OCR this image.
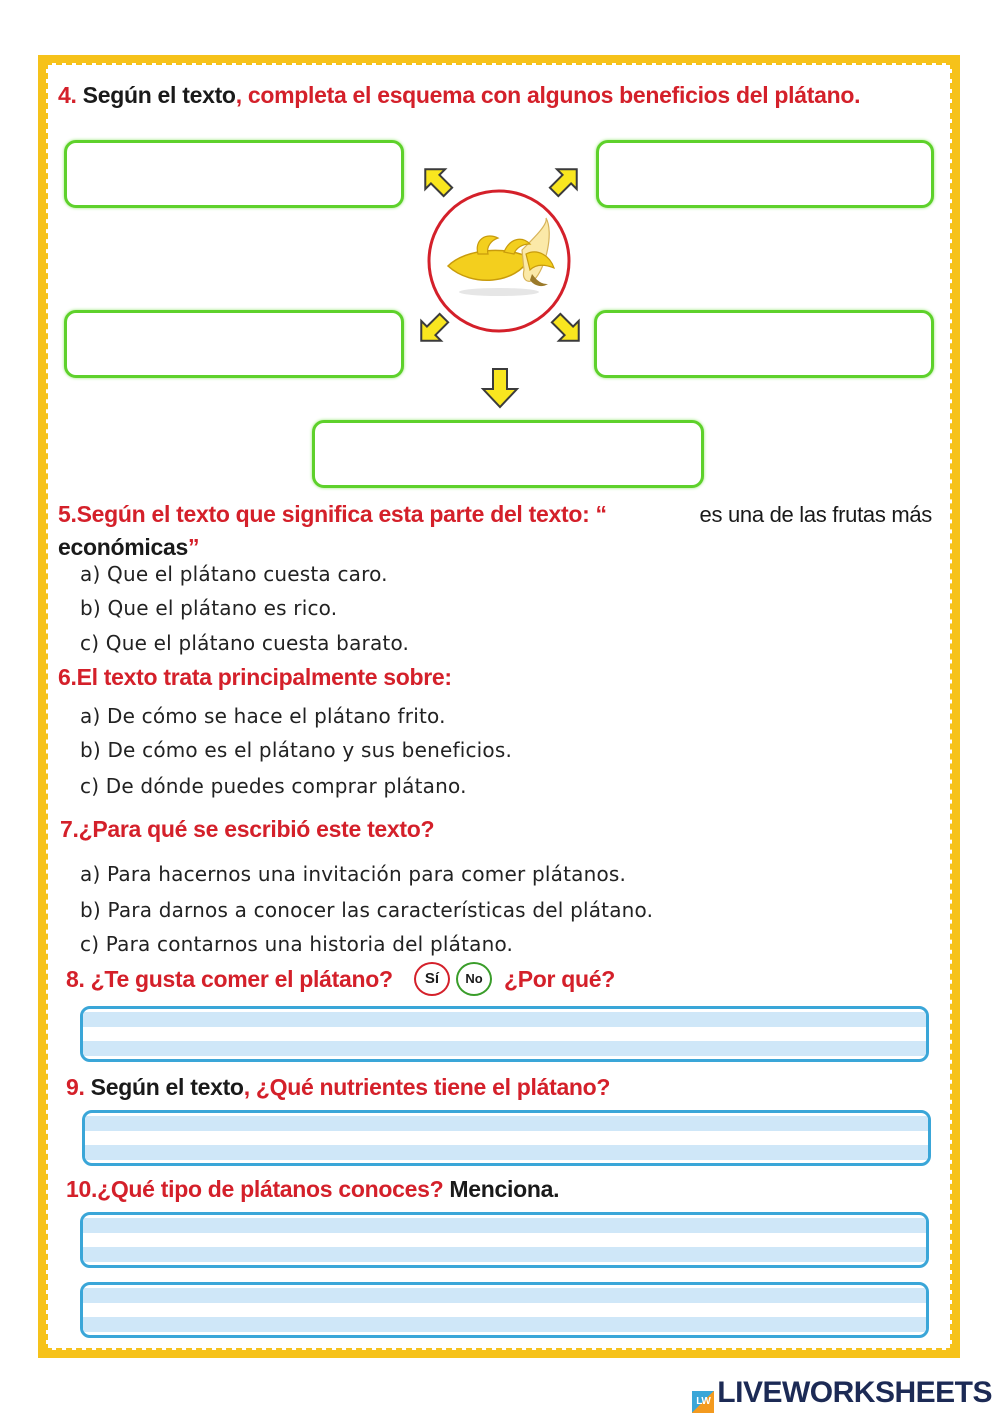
4. Según el texto, completa el esquema con algunos beneficios del plátano.
5.Según el texto que significa esta parte del texto: “	es una de las frutas más

económicas”
a) Que el plátano cuesta caro.
b) Que el plátano es rico.
c) Que el plátano cuesta barato.
6.El texto trata principalmente sobre:
a) De cómo se hace el plátano frito.
b) De cómo es el plátano y sus beneficios.
c) De dónde puedes comprar plátano.
7.¿Para qué se escribió este texto?
a) Para hacernos una invitación para comer plátanos.
b) Para darnos a conocer las características del plátano.
c) Para contarnos una historia del plátano.
8. ¿Te gusta comer el plátano?	Sí	No ¿Por qué?
9. Según el texto, ¿Qué nutrientes tiene el plátano?
10.¿Qué tipo de plátanos conoces? Menciona.
LW LIVEWORKSHEETS
